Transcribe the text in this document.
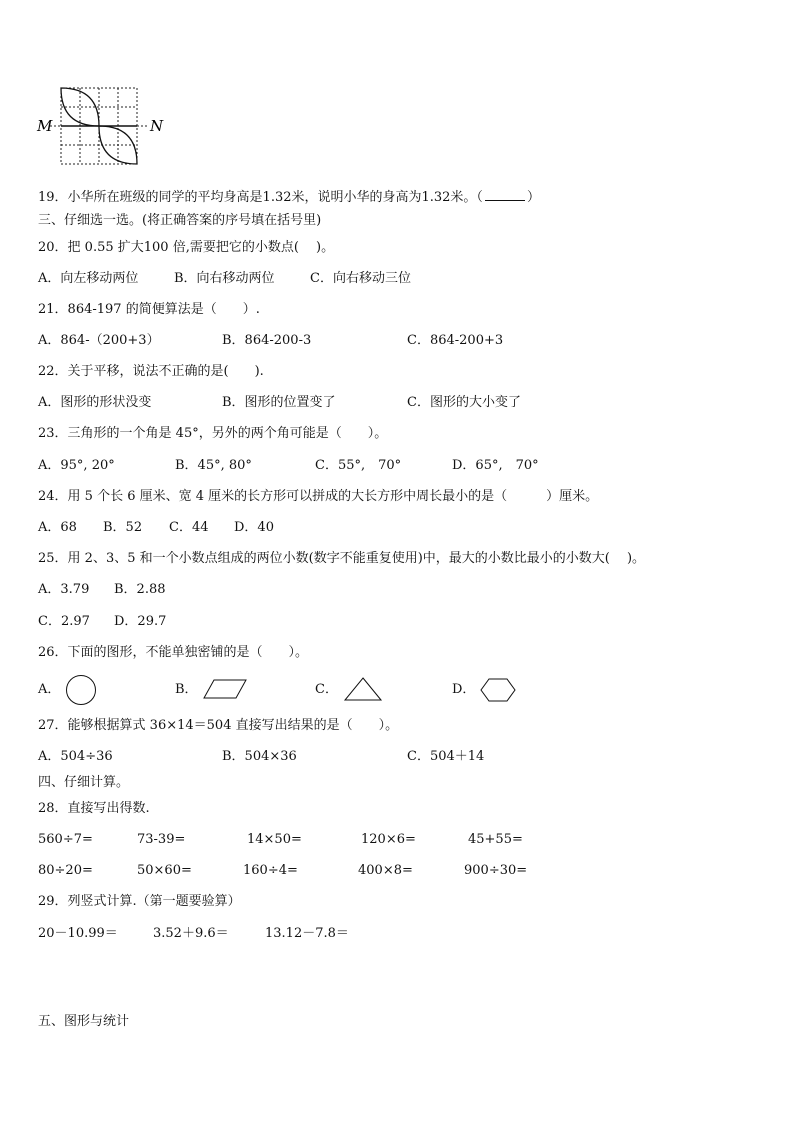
M	N
19．小华所在班级的同学的平均身高是1.32米，说明小华的身高为1.32米。（	）
三、仔细选一选。(将正确答案的序号填在括号里)
20．把 0.55 扩大100 倍,需要把它的小数点(　 )。
A．向左移动两位	B．向右移动两位	C．向右移动三位
21．864-197 的简便算法是（　　）.
A．864-（200+3）	B．864-200-3	C．864-200+3
22．关于平移，说法不正确的是(　　).
A．图形的形状没变	B．图形的位置变了	C．图形的大小变了
23．三角形的一个角是 45°，另外的两个角可能是（　　）。
A．95°, 20°	B．45°, 80°	C．55°,　70°	D．65°,　70°
24．用 5 个长 6 厘米、宽 4 厘米的长方形可以拼成的大长方形中周长最小的是（　　　）厘米。
A．68 B．52 C．44 D．40
25．用 2、3、5 和一个小数点组成的两位小数(数字不能重复使用)中，最大的小数比最小的小数大(　 )。
A．3.79 B．2.88
C．2.97 D．29.7
26．下面的图形，不能单独密铺的是（　　）。
A．	B．	C．	D．
27．能够根据算式 36×14＝504 直接写出结果的是（　　）。
A．504÷36	B．504×36	C．504＋14
四、仔细计算。
28．直接写出得数.
560÷7=	73-39=	14×50=	120×6=	45+55=
80÷20=	50×60=	160÷4=	400×8=	900÷30=
29．列竖式计算.（第一题要验算）
20－10.99＝	3.52＋9.6＝	13.12－7.8＝
五、图形与统计
